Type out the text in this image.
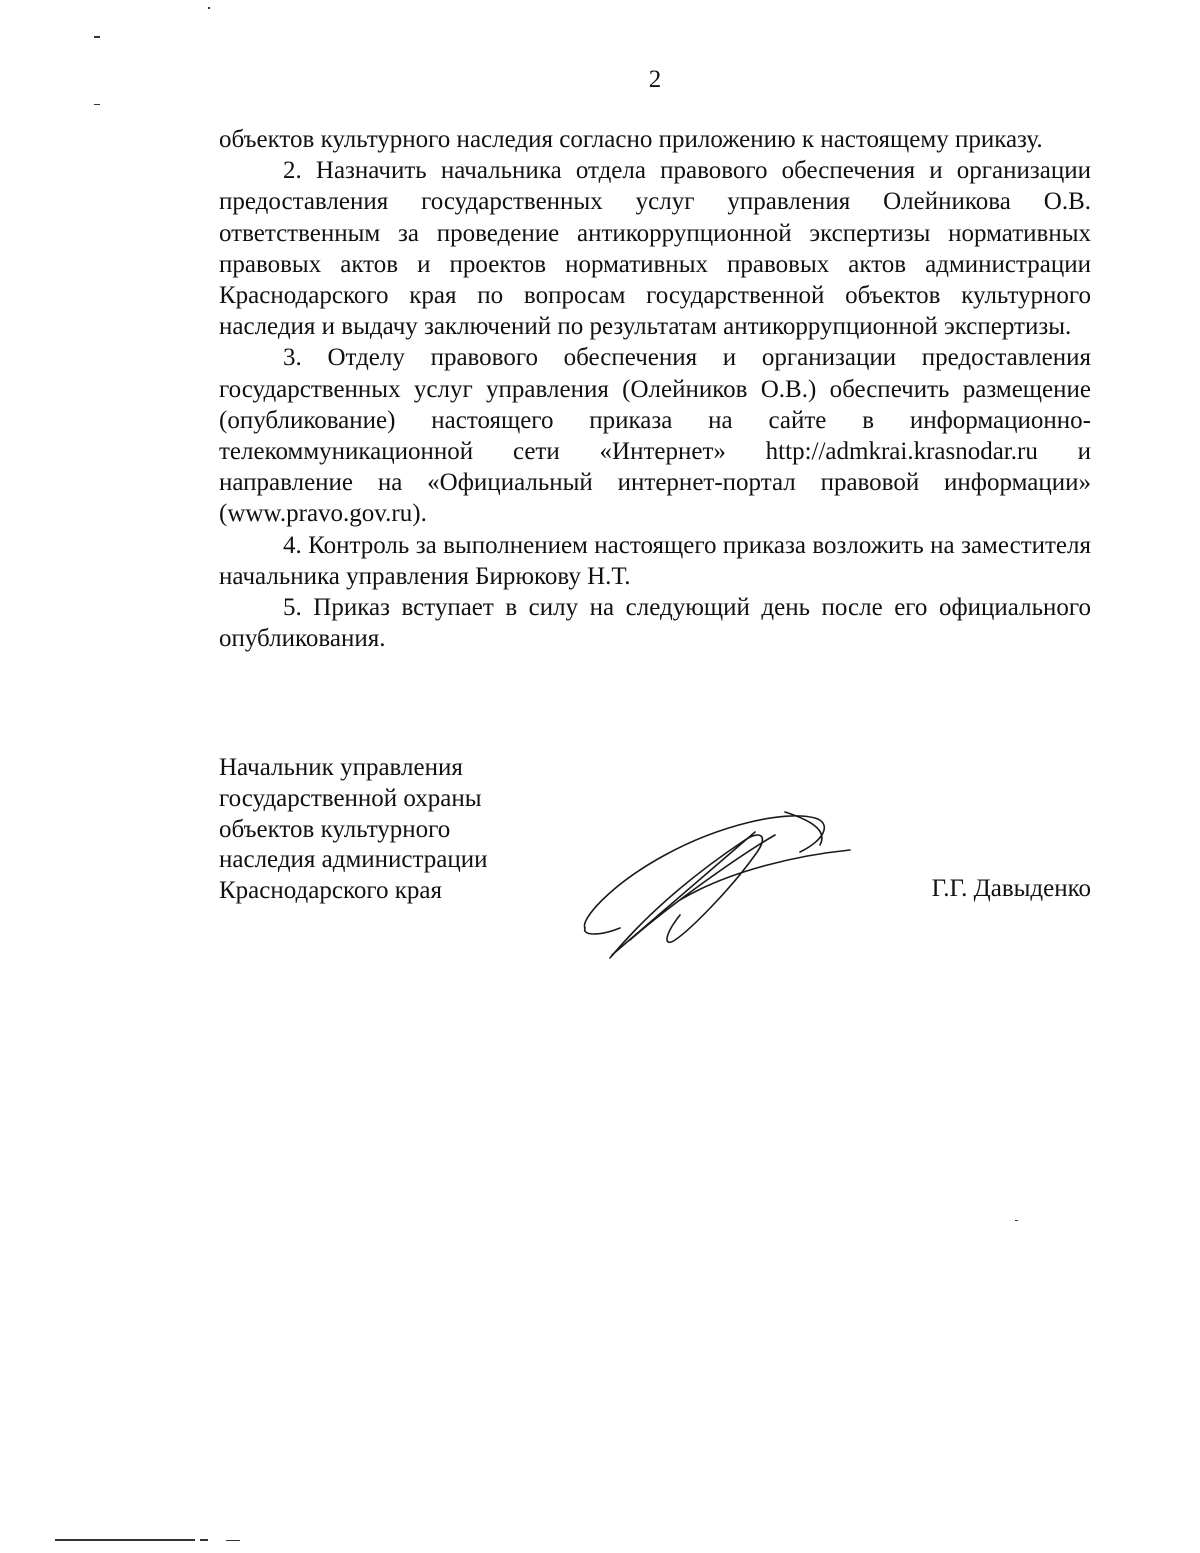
2

объектов культурного наследия согласно приложению к настоящему приказу.

2. Назначить начальника отдела правового обеспечения и организации предоставления государственных услуг управления Олейникова О.В. ответственным за проведение антикоррупционной экспертизы нормативных правовых актов и проектов нормативных правовых актов администрации Краснодарского края по вопросам государственной объектов культурного наследия и выдачу заключений по результатам антикоррупционной экспертизы.

3. Отделу правового обеспечения и организации предоставления государственных услуг управления (Олейников О.В.) обеспечить размещение (опубликование) настоящего приказа на сайте в информационно-телекоммуникационной сети «Интернет» http://admkrai.krasnodar.ru и направление на «Официальный интернет-портал правовой информации» (www.pravo.gov.ru).

4. Контроль за выполнением настоящего приказа возложить на заместителя начальника управления Бирюкову Н.Т.

5. Приказ вступает в силу на следующий день после его официального опубликования.

Начальник управления
государственной охраны
объектов культурного
наследия администрации
Краснодарского края	Г.Г. Давыденко
